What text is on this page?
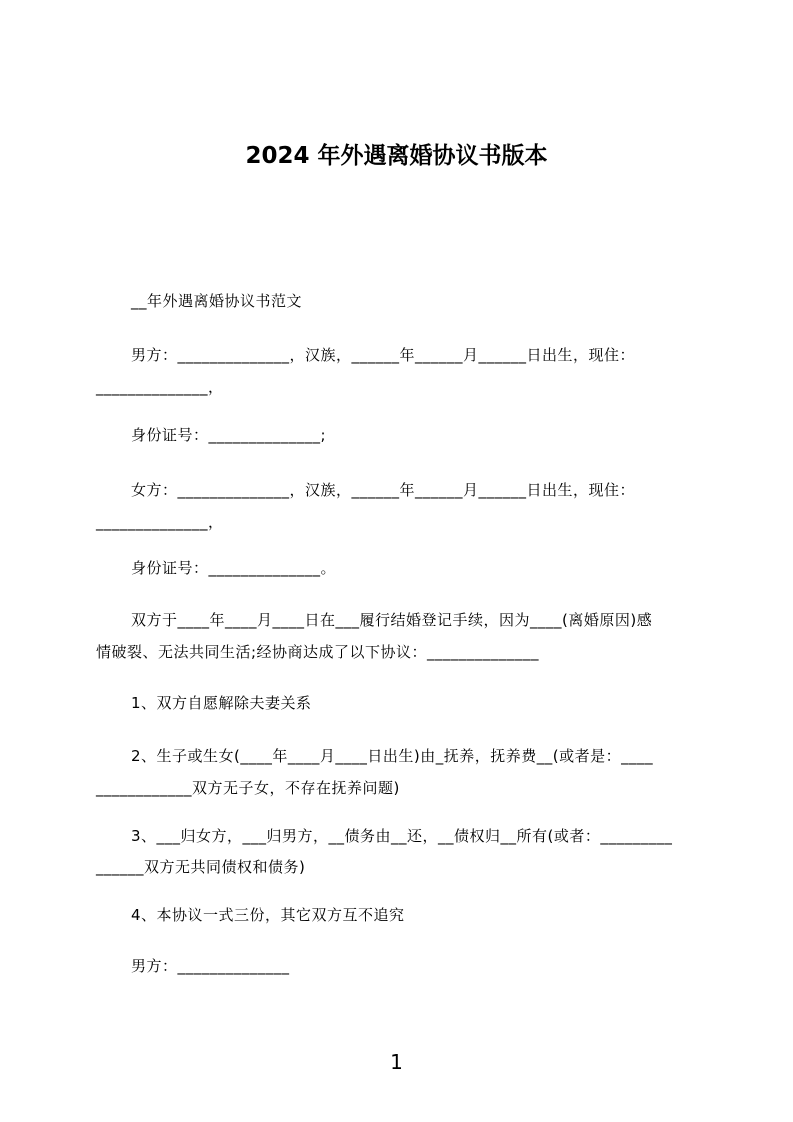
2024 年外遇离婚协议书版本
__年外遇离婚协议书范文
男方：______________，汉族，______年______月______日出生，现住：
______________，
身份证号：______________;
女方：______________，汉族，______年______月______日出生，现住：
______________，
身份证号：______________。
双方于____年____月____日在___履行结婚登记手续，因为____(离婚原因)感
情破裂、无法共同生活;经协商达成了以下协议：______________
1、双方自愿解除夫妻关系
2、生子或生女(____年____月____日出生)由_抚养，抚养费__(或者是：____
____________双方无子女，不存在抚养问题)
3、___归女方，___归男方，__债务由__还，__债权归__所有(或者：_________
______双方无共同债权和债务)
4、本协议一式三份，其它双方互不追究
男方：______________
1
